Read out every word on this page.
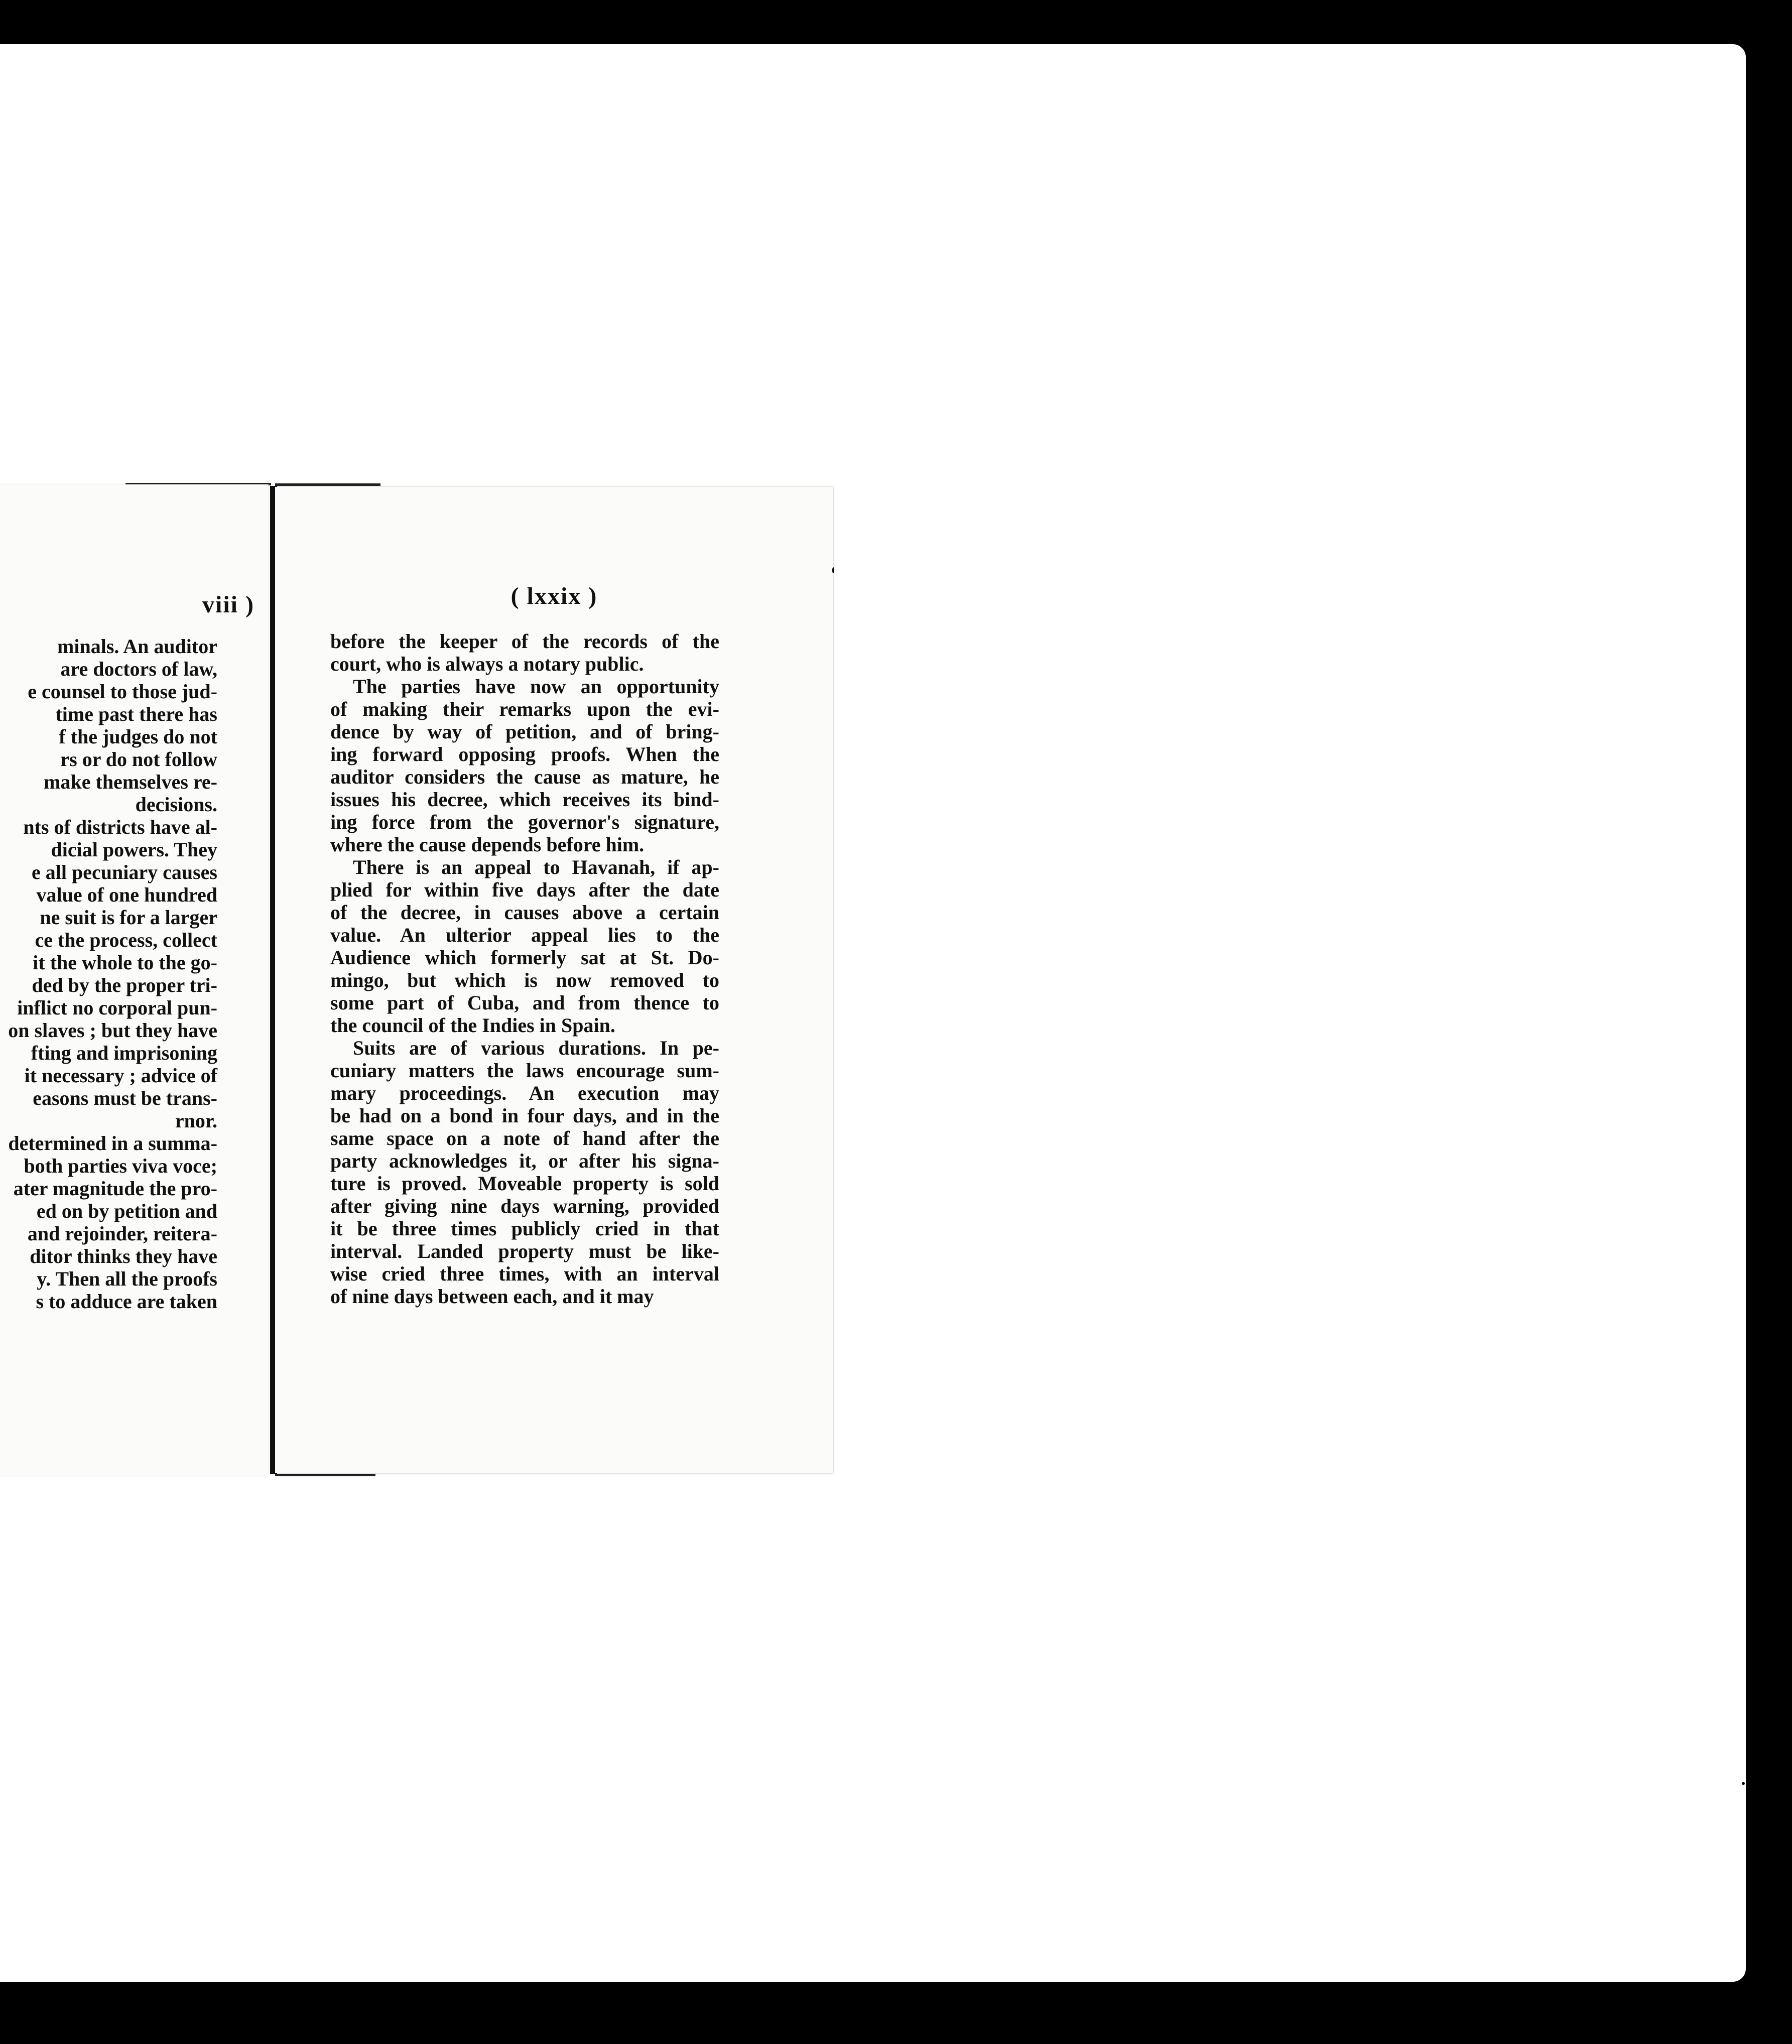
viii )
minals. An auditor
are doctors of law,
e counsel to those jud-
time past there has
f the judges do not
rs or do not follow
make themselves re-
decisions.
nts of districts have al-
dicial powers. They
e all pecuniary causes
value of one hundred
ne suit is for a larger
ce the process, collect
it the whole to the go-
ded by the proper tri-
inflict no corporal pun-
on slaves ; but they have
fting and imprisoning
it necessary ; advice of
easons must be trans-
rnor.
determined in a summa-
both parties viva voce;
ater magnitude the pro-
ed on by petition and
and rejoinder, reitera-
ditor thinks they have
y. Then all the proofs
s to adduce are taken
( lxxix )
before the keeper of the records of the
court, who is always a notary public.
The parties have now an opportunity
of making their remarks upon the evi-
dence by way of petition, and of bring-
ing forward opposing proofs. When the
auditor considers the cause as mature, he
issues his decree, which receives its bind-
ing force from the governor's signature,
where the cause depends before him.
There is an appeal to Havanah, if ap-
plied for within five days after the date
of the decree, in causes above a certain
value. An ulterior appeal lies to the
Audience which formerly sat at St. Do-
mingo, but which is now removed to
some part of Cuba, and from thence to
the council of the Indies in Spain.
Suits are of various durations. In pe-
cuniary matters the laws encourage sum-
mary proceedings. An execution may
be had on a bond in four days, and in the
same space on a note of hand after the
party acknowledges it, or after his signa-
ture is proved. Moveable property is sold
after giving nine days warning, provided
it be three times publicly cried in that
interval. Landed property must be like-
wise cried three times, with an interval
of nine days between each, and it may
